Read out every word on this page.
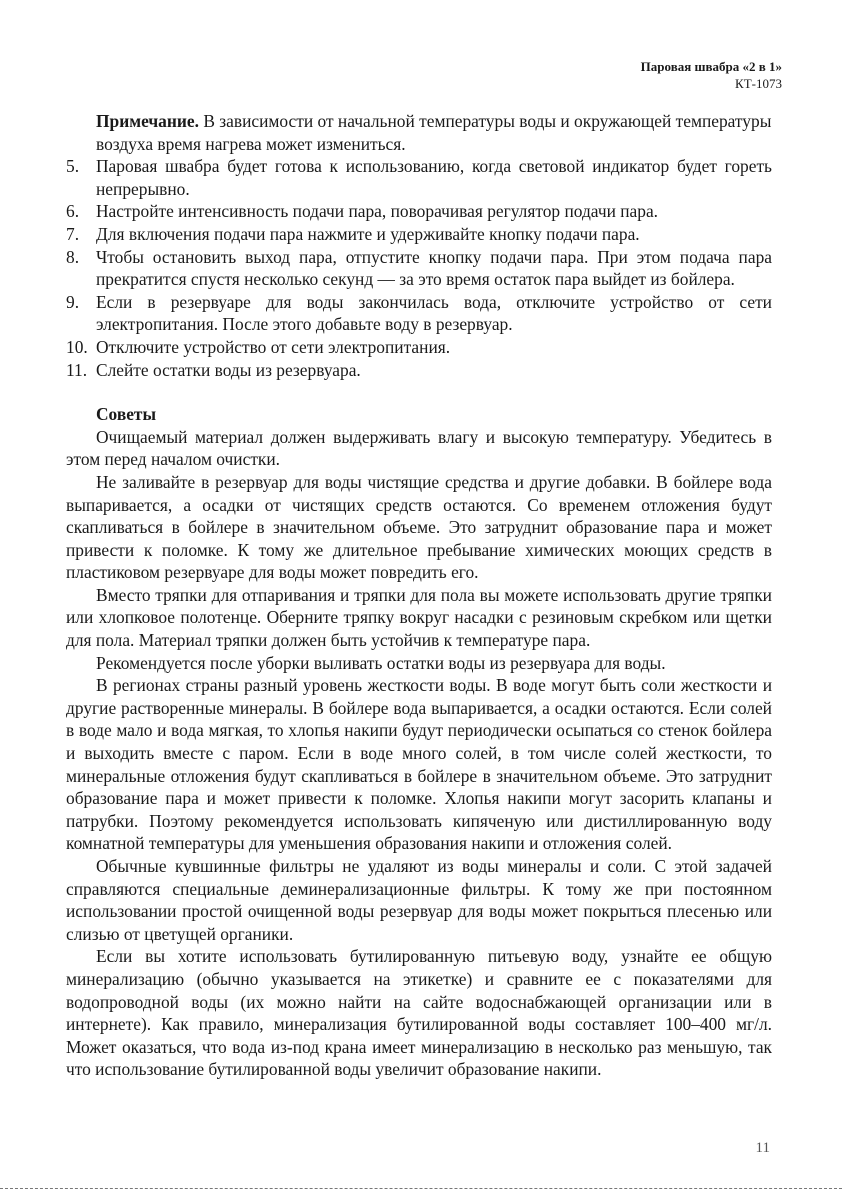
Паровая швабра «2 в 1»
КТ-1073

Примечание. В зависимости от начальной температуры воды и окружающей температуры воздуха время нагрева может измениться.

5. Паровая швабра будет готова к использованию, когда световой индикатор будет гореть непрерывно.
6. Настройте интенсивность подачи пара, поворачивая регулятор подачи пара.
7. Для включения подачи пара нажмите и удерживайте кнопку подачи пара.
8. Чтобы остановить выход пара, отпустите кнопку подачи пара. При этом подача пара прекратится спустя несколько секунд — за это время остаток пара выйдет из бойлера.
9. Если в резервуаре для воды закончилась вода, отключите устройство от сети электропитания. После этого добавьте воду в резервуар.
10. Отключите устройство от сети электропитания.
11. Слейте остатки воды из резервуара.
Советы

Очищаемый материал должен выдерживать влагу и высокую температуру. Убедитесь в этом перед началом очистки.

Не заливайте в резервуар для воды чистящие средства и другие добавки. В бойлере вода выпаривается, а осадки от чистящих средств остаются. Со временем отложения будут скапливаться в бойлере в значительном объеме. Это затруднит образование пара и может привести к поломке. К тому же длительное пребывание химических моющих средств в пластиковом резервуаре для воды может повредить его.

Вместо тряпки для отпаривания и тряпки для пола вы можете использовать другие тряпки или хлопковое полотенце. Оберните тряпку вокруг насадки с резиновым скребком или щетки для пола. Материал тряпки должен быть устойчив к температуре пара.

Рекомендуется после уборки выливать остатки воды из резервуара для воды.

В регионах страны разный уровень жесткости воды. В воде могут быть соли жесткости и другие растворенные минералы. В бойлере вода выпаривается, а осадки остаются. Если солей в воде мало и вода мягкая, то хлопья накипи будут периодически осыпаться со стенок бойлера и выходить вместе с паром. Если в воде много солей, в том числе солей жесткости, то минеральные отложения будут скапливаться в бойлере в значительном объеме. Это затруднит образование пара и может привести к поломке. Хлопья накипи могут засорить клапаны и патрубки. Поэтому рекомендуется использовать кипяченую или дистиллированную воду комнатной температуры для уменьшения образования накипи и отложения солей.

Обычные кувшинные фильтры не удаляют из воды минералы и соли. С этой задачей справляются специальные деминерализационные фильтры. К тому же при постоянном использовании простой очищенной воды резервуар для воды может покрыться плесенью или слизью от цветущей органики.

Если вы хотите использовать бутилированную питьевую воду, узнайте ее общую минерализацию (обычно указывается на этикетке) и сравните ее с показателями для водопроводной воды (их можно найти на сайте водоснабжающей организации или в интернете). Как правило, минерализация бутилированной воды составляет 100–400 мг/л. Может оказаться, что вода из-под крана имеет минерализацию в несколько раз меньшую, так что использование бутилированной воды увеличит образование накипи.

11
